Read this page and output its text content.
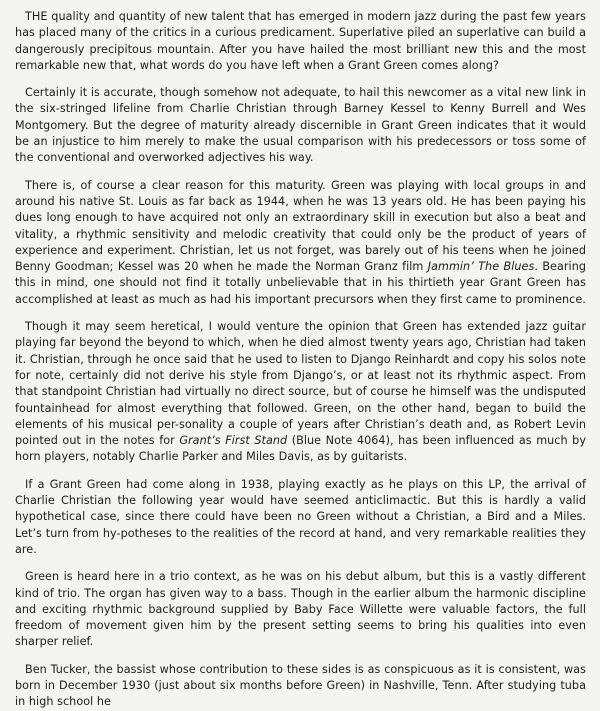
THE quality and quantity of new talent that has emerged in modern jazz during the past few years has placed many of the critics in a curious predicament. Superlative piled an superlative can build a dangerously precipitous mountain. After you have hailed the most brilliant new this and the most remarkable new that, what words do you have left when a Grant Green comes along?

Certainly it is accurate, though somehow not adequate, to hail this newcomer as a vital new link in the six-stringed lifeline from Charlie Christian through Barney Kessel to Kenny Burrell and Wes Montgomery. But the degree of maturity already discernible in Grant Green indicates that it would be an injustice to him merely to make the usual comparison with his predecessors or toss some of the conventional and overworked adjectives his way.

There is, of course a clear reason for this maturity. Green was playing with local groups in and around his native St. Louis as far back as 1944, when he was 13 years old. He has been paying his dues long enough to have acquired not only an extraordinary skill in execution but also a beat and vitality, a rhythmic sensitivity and melodic creativity that could only be the product of years of experience and experiment. Christian, let us not forget, was barely out of his teens when he joined Benny Goodman; Kessel was 20 when he made the Norman Granz film Jammin’ The Blues. Bearing this in mind, one should not find it totally unbelievable that in his thirtieth year Grant Green has accomplished at least as much as had his important precursors when they first came to prominence.

Though it may seem heretical, I would venture the opinion that Green has extended jazz guitar playing far beyond the beyond to which, when he died almost twenty years ago, Christian had taken it. Christian, through he once said that he used to listen to Django Reinhardt and copy his solos note for note, certainly did not derive his style from Django’s, or at least not its rhythmic aspect. From that standpoint Christian had virtually no direct source, but of course he himself was the undisputed fountainhead for almost everything that followed. Green, on the other hand, began to build the elements of his musical per-sonality a couple of years after Christian’s death and, as Robert Levin pointed out in the notes for Grant’s First Stand (Blue Note 4064), has been influenced as much by horn players, notably Charlie Parker and Miles Davis, as by guitarists.

If a Grant Green had come along in 1938, playing exactly as he plays on this LP, the arrival of Charlie Christian the following year would have seemed anticlimactic. But this is hardly a valid hypothetical case, since there could have been no Green without a Christian, a Bird and a Miles. Let’s turn from hy-potheses to the realities of the record at hand, and very remarkable realities they are.

Green is heard here in a trio context, as he was on his debut album, but this is a vastly different kind of trio. The organ has given way to a bass. Though in the earlier album the harmonic discipline and exciting rhythmic background supplied by Baby Face Willette were valuable factors, the full freedom of movement given him by the present setting seems to bring his qualities into even sharper relief.

Ben Tucker, the bassist whose contribution to these sides is as conspicuous as it is consistent, was born in December 1930 (just about six months before Green) in Nashville, Tenn. After studying tuba in high school he
